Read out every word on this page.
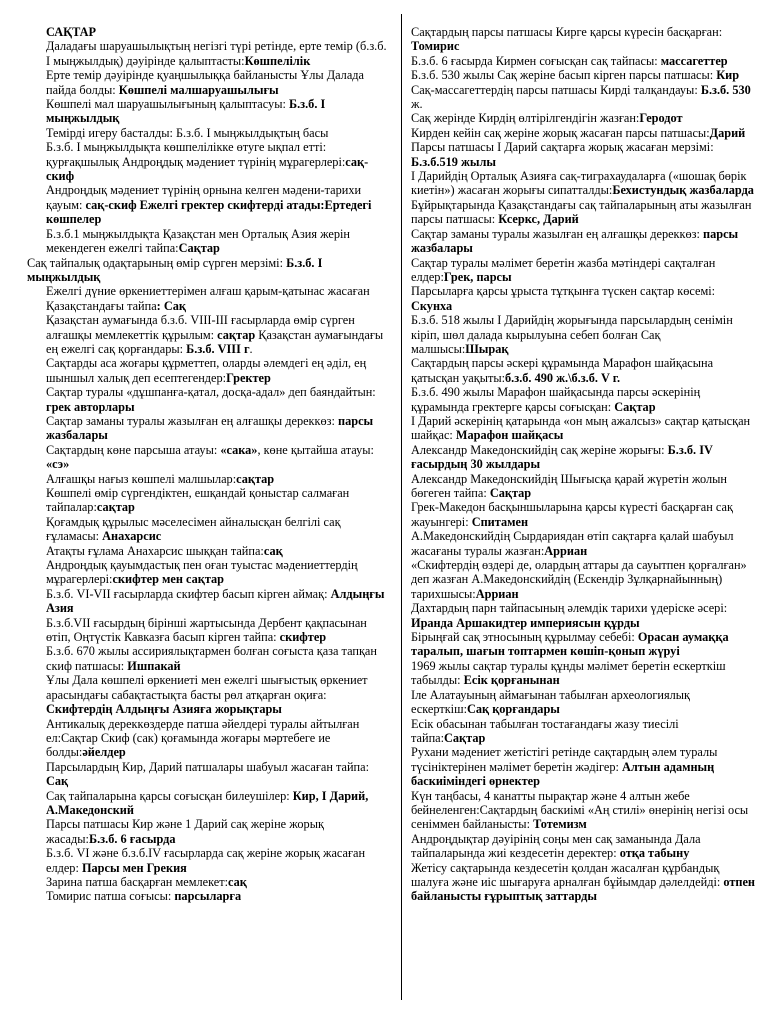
САҚТАР

Даладағы шаруашылықтың негізгі түрі ретінде, ерте темір (б.з.б. І мыңжылдық) дәуірінде қалыптасты:Көшпелілік

Ерте темір дәуірінде қуаңшылыққа байланысты Ұлы Далада пайда болды: Көшпелі малшаруашылығы

Көшпелі мал шаруашылығының қалыптасуы: Б.з.б. І мыңжылдық

Темірді игеру басталды: Б.з.б. І мыңжылдықтың басы

Б.з.б. І мыңжылдықта көшпелілікке өтуге ықпал етті: қурғақшылық Андроңдық мәдениет түрінің мұрагерлері:сақ-скиф

Андроңдық мәдениет түрінің орнына келген мәдени-тарихи қауым: сақ-скиф Ежелгі гректер скифтерді атады:Ертедегі көшпелер

Б.з.б.1 мыңжылдықта Қазақстан мен Орталық Азия жерін мекендеген ежелгі тайпа:Сақтар

Сақ тайпалық одақтарының өмір сүрген мерзімі: Б.з.б. І мыңжылдық

Ежелгі дүние өркениеттерімен алғаш қарым-қатынас жасаған Қазақстандағы тайпа: Сақ

Қазақстан аумағында б.з.б. VIII-III ғасырларда өмір сүрген алғашқы мемлекеттік құрылым: сақтар Қазақстан аумағындағы ең ежелгі сақ қорғандары: Б.з.б. VIII г.

Сақтарды аса жоғары құрметтеп, оларды әлемдегі ең әділ, ең шыншыл халық деп есептегендер:Гректер

Сақтар туралы «дұшпанға-қатал, досқа-адал» деп баяндайтын: грек авторлары

Сақтар заманы туралы жазылған ең алғашқы дереккөз: парсы жазбалары

Сақтардың көне парсыша атауы: «сака», көне қытайша атауы: «сэ»

Алғашқы нағыз көшпелі малшылар:сақтар

Көшпелі өмір сүргендіктен, ешқандай қоныстар салмаған тайпалар:сақтар

Қоғамдық құрылыс мәселесімен айналысқан белгілі сақ ғұламасы: Анахарсис

Атақты ғұлама Анахарсис шыққан тайпа:сақ

Андроңдық қауымдастық пен оған туыстас мәдениеттердің мұрагерлері:скифтер мен сақтар

Б.з.б. VI-VII ғасырларда скифтер басып кірген аймақ: Алдыңғы Азия

Б.з.б.VII ғасырдың бірінші жартысында Дербент қақпасынан өтіп, Оңтүстік Кавказға басып кірген тайпа: скифтер

Б.з.б. 670 жылы ассириялықтармен болған соғыста қаза тапқан скиф патшасы: Ишпакай

Ұлы Дала көшпелі өркениеті мен ежелгі шығыстық өркениет арасындағы сабақтастықта басты рөл атқарған оқиға: Скифтердің Алдыңғы Азияға жорықтары

Антикалық дереккөздерде патша әйелдері туралы айтылған ел:Сақтар Скиф (сак) қоғамында жоғары мәртебеге ие болды:әйелдер

Парсылардың Кир, Дарий патшалары шабуыл жасаған тайпа: Сақ

Сақ тайпаларына қарсы соғысқан билеушілер: Кир, І Дарий, А.Македонский

Парсы патшасы Кир және 1 Дарий сақ жеріне жорық жасады:Б.з.б. 6 ғасырда

Б.з.б. VI және б.з.б.IV ғасырларда сақ жеріне жорық жасаған елдер: Парсы мен Грекия

Зарина патша басқарған мемлекет:сақ

Томирис патша соғысы: парсыларға

Сақтардың парсы патшасы Кирге қарсы күресін басқарған: Томирис

Б.з.б. 6 ғасырда Кирмен соғысқан сақ тайпасы: массагеттер

Б.з.б. 530 жылы Сақ жеріне басып кірген парсы патшасы: Кир

Сақ-массагеттердің парсы патшасы Кирді талқандауы: Б.з.б. 530 ж.

Сақ жерінде Кирдің өлтірілгендігін жазған:Геродот

Кирден кейін сақ жеріне жорық жасаған парсы патшасы:Дарий

Парсы патшасы І Дарий сақтарға жорық жасаған мерзімі: Б.з.б.519 жылы

І Дарийдің Орталық Азияға сақ-тиграхаудаларға («шошақ бөрік киетін») жасаған жорығы сипатталды:Бехистундық жазбаларда

Бұйрықтарында Қазақстандағы сақ тайпаларының аты жазылған парсы патшасы: Ксеркс, Дарий

Сақтар заманы туралы жазылған ең алғашқы дереккөз: парсы жазбалары

Сақтар туралы мәлімет беретін жазба мәтіндері сақталған елдер:Грек, парсы

Парсыларға қарсы ұрыста тұтқынға түскен сақтар көсемі: Скунха

Б.з.б. 518 жылы І Дарийдің жорығында парсылардың сенімін кіріп, шөл далада кырылуына себеп болған Сақ малшысы:Шырақ

Сақтардың парсы әскері құрамында Марафон шайқасына қатысқан уақыты:б.з.б. 490 ж.\б.з.б. V г.

Б.з.б. 490 жылы Марафон шайқасында парсы әскерінің құрамында гректерге қарсы соғысқан: Сақтар

І Дарий әскерінің қатарында «он мың ажалсыз» сақтар қатысқан шайқас: Марафон шайқасы

Александр Македонскийдің сақ жеріне жорығы: Б.з.б. IV ғасырдың 30 жылдары

Александр Македонскийдің Шығысқа қарай жүретін жолын бөгеген тайпа: Сақтар

Грек-Македон басқыншыларына қарсы күресті басқарған сақ жауынгері: Спитамен

А.Македонскийдің Сырдариядан өтіп сақтарға қалай шабуыл жасағаны туралы жазған:Арриан

«Скифтердің өздері де, олардың аттары да сауытпен қорғалған» деп жазған А.Македонскийдің (Ескендір Зұлқарнайынның) тарихшысы:Арриан

Дахтардың парн тайпасының әлемдік тарихи үдерiске әсерi: Иранда Аршакидтер империясын құрды

Бірыңғай сақ этносының құрылмау себебі: Орасан аумаққа таралып, шағын топтармен көшіп-қонып жүруі

1969 жылы сақтар туралы құнды мәлімет беретін ескерткіш табылды: Есік қорғанынан

Іле Алатауының аймағынан табылған археологиялық ескерткіш:Сақ қорғандары

Есік обасынан табылған тостағандағы жазу тиесілі тайпа:Сақтар

Рухани мәдениет жетістігі ретінде сақтардың әлем туралы түсініктерінен мәлімет беретін жәдігер: Алтын адамның баскиіміндегі өрнектер

Күн таңбасы, 4 канатты пырақтар және 4 алтын жебе бейнеленген:Сақтардың баскиімі «Аң стилі» өнерінің негізі осы сеніммен байланысты: Тотемизм

Андроңдықтар дәуірінің соңы мен сақ заманында Дала тайпаларында жиі кездесетін деректер: отқа табыну

Жетісу сақтарында кездесетін қолдан жасалған құрбандық шалуға және иіс шығаруға арналған бұйымдар дәлелдейді: отпен байланысты ғұрыптық заттарды
